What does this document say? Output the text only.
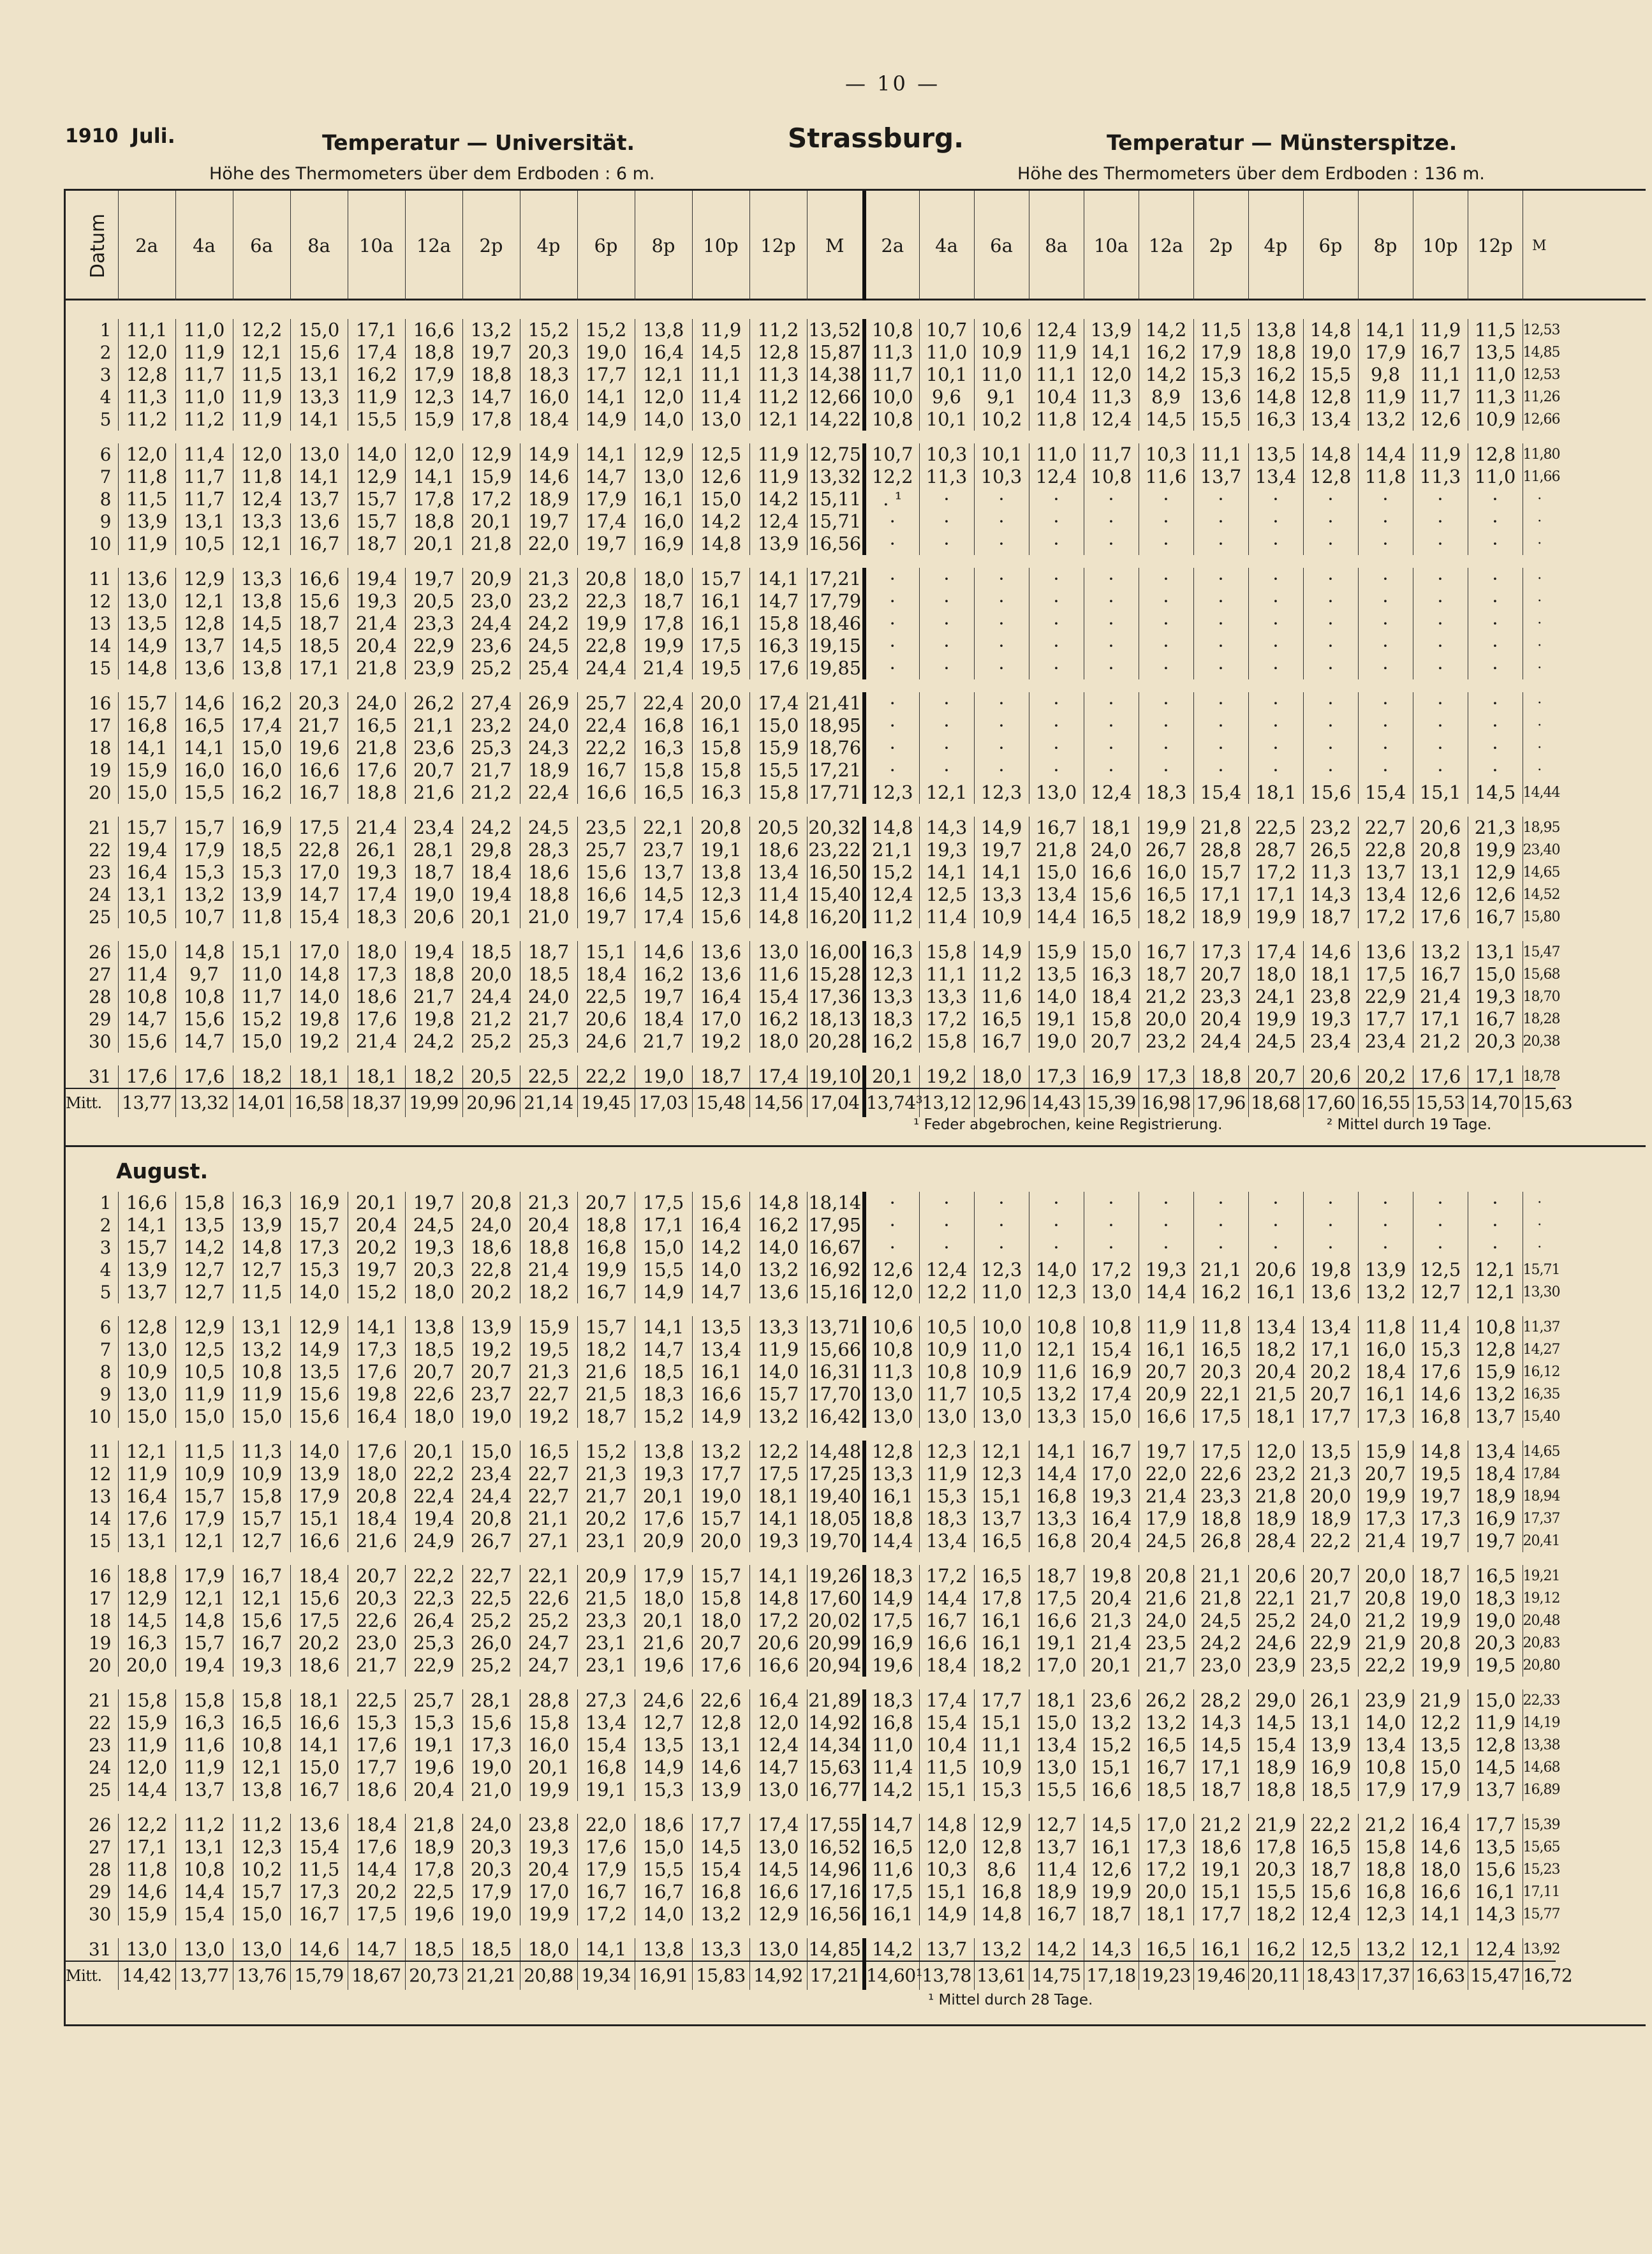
— 10 —
1910 Juli.	Temperatur — Universität.	Strassburg.	Temperatur — Münsterspitze.
Höhe des Thermometers über dem Erdboden : 6 m.	Höhe des Thermometers über dem Erdboden : 136 m.
Datum	2a	4a	6a	8a	10a	12a	2p	4p	6p	8p	10p	12p	M	2a	4a	6a	8a	10a	12a	2p	4p	6p	8p	10p	12p	M
1	11,1	11,0	12,2	15,0	17,1	16,6	13,2	15,2	15,2	13,8	11,9	11,2	13,52	10,8	10,7	10,6	12,4	13,9	14,2	11,5	13,8	14,8	14,1	11,9	11,5	12,53
2	12,0	11,9	12,1	15,6	17,4	18,8	19,7	20,3	19,0	16,4	14,5	12,8	15,87	11,3	11,0	10,9	11,9	14,1	16,2	17,9	18,8	19,0	17,9	16,7	13,5	14,85
3	12,8	11,7	11,5	13,1	16,2	17,9	18,8	18,3	17,7	12,1	11,1	11,3	14,38	11,7	10,1	11,0	11,1	12,0	14,2	15,3	16,2	15,5	9,8	11,1	11,0	12,53
4	11,3	11,0	11,9	13,3	11,9	12,3	14,7	16,0	14,1	12,0	11,4	11,2	12,66	10,0	9,6	9,1	10,4	11,3	8,9	13,6	14,8	12,8	11,9	11,7	11,3	11,26
5	11,2	11,2	11,9	14,1	15,5	15,9	17,8	18,4	14,9	14,0	13,0	12,1	14,22	10,8	10,1	10,2	11,8	12,4	14,5	15,5	16,3	13,4	13,2	12,6	10,9	12,66

6	12,0	11,4	12,0	13,0	14,0	12,0	12,9	14,9	14,1	12,9	12,5	11,9	12,75	10,7	10,3	10,1	11,0	11,7	10,3	11,1	13,5	14,8	14,4	11,9	12,8	11,80
7	11,8	11,7	11,8	14,1	12,9	14,1	15,9	14,6	14,7	13,0	12,6	11,9	13,32	12,2	11,3	10,3	12,4	10,8	11,6	13,7	13,4	12,8	11,8	11,3	11,0	11,66
8	11,5	11,7	12,4	13,7	15,7	17,8	17,2	18,9	17,9	16,1	15,0	14,2	15,11	. ¹	·	·	·	·	·	·	·	·	·	·	·	·
9	13,9	13,1	13,3	13,6	15,7	18,8	20,1	19,7	17,4	16,0	14,2	12,4	15,71	·	·	·	·	·	·	·	·	·	·	·	·	·
10	11,9	10,5	12,1	16,7	18,7	20,1	21,8	22,0	19,7	16,9	14,8	13,9	16,56	·	·	·	·	·	·	·	·	·	·	·	·	·

11	13,6	12,9	13,3	16,6	19,4	19,7	20,9	21,3	20,8	18,0	15,7	14,1	17,21	·	·	·	·	·	·	·	·	·	·	·	·	·
12	13,0	12,1	13,8	15,6	19,3	20,5	23,0	23,2	22,3	18,7	16,1	14,7	17,79	·	·	·	·	·	·	·	·	·	·	·	·	·
13	13,5	12,8	14,5	18,7	21,4	23,3	24,4	24,2	19,9	17,8	16,1	15,8	18,46	·	·	·	·	·	·	·	·	·	·	·	·	·
14	14,9	13,7	14,5	18,5	20,4	22,9	23,6	24,5	22,8	19,9	17,5	16,3	19,15	·	·	·	·	·	·	·	·	·	·	·	·	·
15	14,8	13,6	13,8	17,1	21,8	23,9	25,2	25,4	24,4	21,4	19,5	17,6	19,85	·	·	·	·	·	·	·	·	·	·	·	·	·

16	15,7	14,6	16,2	20,3	24,0	26,2	27,4	26,9	25,7	22,4	20,0	17,4	21,41	·	·	·	·	·	·	·	·	·	·	·	·	·
17	16,8	16,5	17,4	21,7	16,5	21,1	23,2	24,0	22,4	16,8	16,1	15,0	18,95	·	·	·	·	·	·	·	·	·	·	·	·	·
18	14,1	14,1	15,0	19,6	21,8	23,6	25,3	24,3	22,2	16,3	15,8	15,9	18,76	·	·	·	·	·	·	·	·	·	·	·	·	·
19	15,9	16,0	16,0	16,6	17,6	20,7	21,7	18,9	16,7	15,8	15,8	15,5	17,21	·	·	·	·	·	·	·	·	·	·	·	·	·
20	15,0	15,5	16,2	16,7	18,8	21,6	21,2	22,4	16,6	16,5	16,3	15,8	17,71	12,3	12,1	12,3	13,0	12,4	18,3	15,4	18,1	15,6	15,4	15,1	14,5	14,44

21	15,7	15,7	16,9	17,5	21,4	23,4	24,2	24,5	23,5	22,1	20,8	20,5	20,32	14,8	14,3	14,9	16,7	18,1	19,9	21,8	22,5	23,2	22,7	20,6	21,3	18,95
22	19,4	17,9	18,5	22,8	26,1	28,1	29,8	28,3	25,7	23,7	19,1	18,6	23,22	21,1	19,3	19,7	21,8	24,0	26,7	28,8	28,7	26,5	22,8	20,8	19,9	23,40
23	16,4	15,3	15,3	17,0	19,3	18,7	18,4	18,6	15,6	13,7	13,8	13,4	16,50	15,2	14,1	14,1	15,0	16,6	16,0	15,7	17,2	11,3	13,7	13,1	12,9	14,65
24	13,1	13,2	13,9	14,7	17,4	19,0	19,4	18,8	16,6	14,5	12,3	11,4	15,40	12,4	12,5	13,3	13,4	15,6	16,5	17,1	17,1	14,3	13,4	12,6	12,6	14,52
25	10,5	10,7	11,8	15,4	18,3	20,6	20,1	21,0	19,7	17,4	15,6	14,8	16,20	11,2	11,4	10,9	14,4	16,5	18,2	18,9	19,9	18,7	17,2	17,6	16,7	15,80

26	15,0	14,8	15,1	17,0	18,0	19,4	18,5	18,7	15,1	14,6	13,6	13,0	16,00	16,3	15,8	14,9	15,9	15,0	16,7	17,3	17,4	14,6	13,6	13,2	13,1	15,47
27	11,4	9,7	11,0	14,8	17,3	18,8	20,0	18,5	18,4	16,2	13,6	11,6	15,28	12,3	11,1	11,2	13,5	16,3	18,7	20,7	18,0	18,1	17,5	16,7	15,0	15,68
28	10,8	10,8	11,7	14,0	18,6	21,7	24,4	24,0	22,5	19,7	16,4	15,4	17,36	13,3	13,3	11,6	14,0	18,4	21,2	23,3	24,1	23,8	22,9	21,4	19,3	18,70
29	14,7	15,6	15,2	19,8	17,6	19,8	21,2	21,7	20,6	18,4	17,0	16,2	18,13	18,3	17,2	16,5	19,1	15,8	20,0	20,4	19,9	19,3	17,7	17,1	16,7	18,28
30	15,6	14,7	15,0	19,2	21,4	24,2	25,2	25,3	24,6	21,7	19,2	18,0	20,28	16,2	15,8	16,7	19,0	20,7	23,2	24,4	24,5	23,4	23,4	21,2	20,3	20,38

31	17,6	17,6	18,2	18,1	18,1	18,2	20,5	22,5	22,2	19,0	18,7	17,4	19,10	20,1	19,2	18,0	17,3	16,9	17,3	18,8	20,7	20,6	20,2	17,6	17,1	18,78
Mitt.	13,77	13,32	14,01	16,58	18,37	19,99	20,96	21,14	19,45	17,03	15,48	14,56	17,04	13,74³	13,12	12,96	14,43	15,39	16,98	17,96	18,68	17,60	16,55	15,53	14,70	15,63
¹ Feder abgebrochen, keine Registrierung.	² Mittel durch 19 Tage.
August.
1	16,6	15,8	16,3	16,9	20,1	19,7	20,8	21,3	20,7	17,5	15,6	14,8	18,14	·	·	·	·	·	·	·	·	·	·	·	·	·
2	14,1	13,5	13,9	15,7	20,4	24,5	24,0	20,4	18,8	17,1	16,4	16,2	17,95	·	·	·	·	·	·	·	·	·	·	·	·	·
3	15,7	14,2	14,8	17,3	20,2	19,3	18,6	18,8	16,8	15,0	14,2	14,0	16,67	·	·	·	·	·	·	·	·	·	·	·	·	·
4	13,9	12,7	12,7	15,3	19,7	20,3	22,8	21,4	19,9	15,5	14,0	13,2	16,92	12,6	12,4	12,3	14,0	17,2	19,3	21,1	20,6	19,8	13,9	12,5	12,1	15,71
5	13,7	12,7	11,5	14,0	15,2	18,0	20,2	18,2	16,7	14,9	14,7	13,6	15,16	12,0	12,2	11,0	12,3	13,0	14,4	16,2	16,1	13,6	13,2	12,7	12,1	13,30

6	12,8	12,9	13,1	12,9	14,1	13,8	13,9	15,9	15,7	14,1	13,5	13,3	13,71	10,6	10,5	10,0	10,8	10,8	11,9	11,8	13,4	13,4	11,8	11,4	10,8	11,37
7	13,0	12,5	13,2	14,9	17,3	18,5	19,2	19,5	18,2	14,7	13,4	11,9	15,66	10,8	10,9	11,0	12,1	15,4	16,1	16,5	18,2	17,1	16,0	15,3	12,8	14,27
8	10,9	10,5	10,8	13,5	17,6	20,7	20,7	21,3	21,6	18,5	16,1	14,0	16,31	11,3	10,8	10,9	11,6	16,9	20,7	20,3	20,4	20,2	18,4	17,6	15,9	16,12
9	13,0	11,9	11,9	15,6	19,8	22,6	23,7	22,7	21,5	18,3	16,6	15,7	17,70	13,0	11,7	10,5	13,2	17,4	20,9	22,1	21,5	20,7	16,1	14,6	13,2	16,35
10	15,0	15,0	15,0	15,6	16,4	18,0	19,0	19,2	18,7	15,2	14,9	13,2	16,42	13,0	13,0	13,0	13,3	15,0	16,6	17,5	18,1	17,7	17,3	16,8	13,7	15,40

11	12,1	11,5	11,3	14,0	17,6	20,1	15,0	16,5	15,2	13,8	13,2	12,2	14,48	12,8	12,3	12,1	14,1	16,7	19,7	17,5	12,0	13,5	15,9	14,8	13,4	14,65
12	11,9	10,9	10,9	13,9	18,0	22,2	23,4	22,7	21,3	19,3	17,7	17,5	17,25	13,3	11,9	12,3	14,4	17,0	22,0	22,6	23,2	21,3	20,7	19,5	18,4	17,84
13	16,4	15,7	15,8	17,9	20,8	22,4	24,4	22,7	21,7	20,1	19,0	18,1	19,40	16,1	15,3	15,1	16,8	19,3	21,4	23,3	21,8	20,0	19,9	19,7	18,9	18,94
14	17,6	17,9	15,7	15,1	18,4	19,4	20,8	21,1	20,2	17,6	15,7	14,1	18,05	18,8	18,3	13,7	13,3	16,4	17,9	18,8	18,9	18,9	17,3	17,3	16,9	17,37
15	13,1	12,1	12,7	16,6	21,6	24,9	26,7	27,1	23,1	20,9	20,0	19,3	19,70	14,4	13,4	16,5	16,8	20,4	24,5	26,8	28,4	22,2	21,4	19,7	19,7	20,41

16	18,8	17,9	16,7	18,4	20,7	22,2	22,7	22,1	20,9	17,9	15,7	14,1	19,26	18,3	17,2	16,5	18,7	19,8	20,8	21,1	20,6	20,7	20,0	18,7	16,5	19,21
17	12,9	12,1	12,1	15,6	20,3	22,3	22,5	22,6	21,5	18,0	15,8	14,8	17,60	14,9	14,4	17,8	17,5	20,4	21,6	21,8	22,1	21,7	20,8	19,0	18,3	19,12
18	14,5	14,8	15,6	17,5	22,6	26,4	25,2	25,2	23,3	20,1	18,0	17,2	20,02	17,5	16,7	16,1	16,6	21,3	24,0	24,5	25,2	24,0	21,2	19,9	19,0	20,48
19	16,3	15,7	16,7	20,2	23,0	25,3	26,0	24,7	23,1	21,6	20,7	20,6	20,99	16,9	16,6	16,1	19,1	21,4	23,5	24,2	24,6	22,9	21,9	20,8	20,3	20,83
20	20,0	19,4	19,3	18,6	21,7	22,9	25,2	24,7	23,1	19,6	17,6	16,6	20,94	19,6	18,4	18,2	17,0	20,1	21,7	23,0	23,9	23,5	22,2	19,9	19,5	20,80

21	15,8	15,8	15,8	18,1	22,5	25,7	28,1	28,8	27,3	24,6	22,6	16,4	21,89	18,3	17,4	17,7	18,1	23,6	26,2	28,2	29,0	26,1	23,9	21,9	15,0	22,33
22	15,9	16,3	16,5	16,6	15,3	15,3	15,6	15,8	13,4	12,7	12,8	12,0	14,92	16,8	15,4	15,1	15,0	13,2	13,2	14,3	14,5	13,1	14,0	12,2	11,9	14,19
23	11,9	11,6	10,8	14,1	17,6	19,1	17,3	16,0	15,4	13,5	13,1	12,4	14,34	11,0	10,4	11,1	13,4	15,2	16,5	14,5	15,4	13,9	13,4	13,5	12,8	13,38
24	12,0	11,9	12,1	15,0	17,7	19,6	19,0	20,1	16,8	14,9	14,6	14,7	15,63	11,4	11,5	10,9	13,0	15,1	16,7	17,1	18,9	16,9	10,8	15,0	14,5	14,68
25	14,4	13,7	13,8	16,7	18,6	20,4	21,0	19,9	19,1	15,3	13,9	13,0	16,77	14,2	15,1	15,3	15,5	16,6	18,5	18,7	18,8	18,5	17,9	17,9	13,7	16,89

26	12,2	11,2	11,2	13,6	18,4	21,8	24,0	23,8	22,0	18,6	17,7	17,4	17,55	14,7	14,8	12,9	12,7	14,5	17,0	21,2	21,9	22,2	21,2	16,4	17,7	15,39
27	17,1	13,1	12,3	15,4	17,6	18,9	20,3	19,3	17,6	15,0	14,5	13,0	16,52	16,5	12,0	12,8	13,7	16,1	17,3	18,6	17,8	16,5	15,8	14,6	13,5	15,65
28	11,8	10,8	10,2	11,5	14,4	17,8	20,3	20,4	17,9	15,5	15,4	14,5	14,96	11,6	10,3	8,6	11,4	12,6	17,2	19,1	20,3	18,7	18,8	18,0	15,6	15,23
29	14,6	14,4	15,7	17,3	20,2	22,5	17,9	17,0	16,7	16,7	16,8	16,6	17,16	17,5	15,1	16,8	18,9	19,9	20,0	15,1	15,5	15,6	16,8	16,6	16,1	17,11
30	15,9	15,4	15,0	16,7	17,5	19,6	19,0	19,9	17,2	14,0	13,2	12,9	16,56	16,1	14,9	14,8	16,7	18,7	18,1	17,7	18,2	12,4	12,3	14,1	14,3	15,77

31	13,0	13,0	13,0	14,6	14,7	18,5	18,5	18,0	14,1	13,8	13,3	13,0	14,85	14,2	13,7	13,2	14,2	14,3	16,5	16,1	16,2	12,5	13,2	12,1	12,4	13,92
Mitt.	14,42	13,77	13,76	15,79	18,67	20,73	21,21	20,88	19,34	16,91	15,83	14,92	17,21	14,60¹	13,78	13,61	14,75	17,18	19,23	19,46	20,11	18,43	17,37	16,63	15,47	16,72
¹ Mittel durch 28 Tage.
